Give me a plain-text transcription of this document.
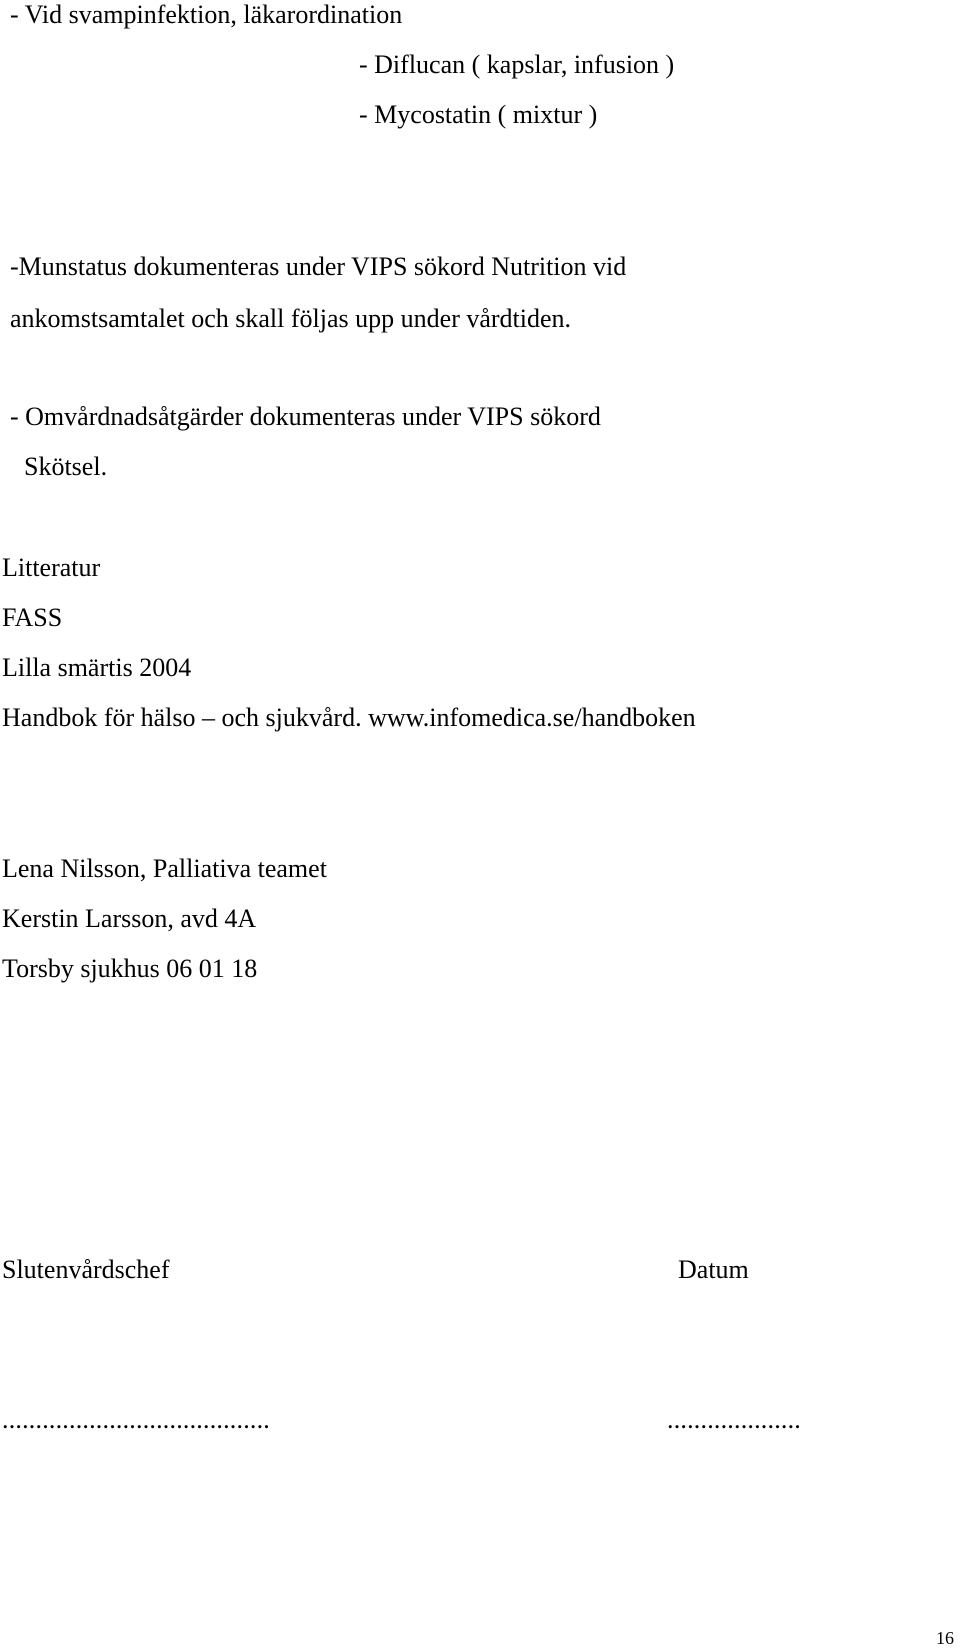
- Vid svampinfektion, läkarordination
- Diflucan ( kapslar, infusion )
- Mycostatin ( mixtur )
-Munstatus dokumenteras under VIPS sökord Nutrition vid
ankomstsamtalet och skall följas upp under vårdtiden.
- Omvårdnadsåtgärder dokumenteras under VIPS sökord
Skötsel.
Litteratur
FASS
Lilla smärtis 2004
Handbok för hälso – och sjukvård. www.infomedica.se/handboken
Lena Nilsson, Palliativa teamet
Kerstin Larsson, avd 4A
Torsby sjukhus 06 01 18
Slutenvårdschef	Datum
........................................	....................
16
